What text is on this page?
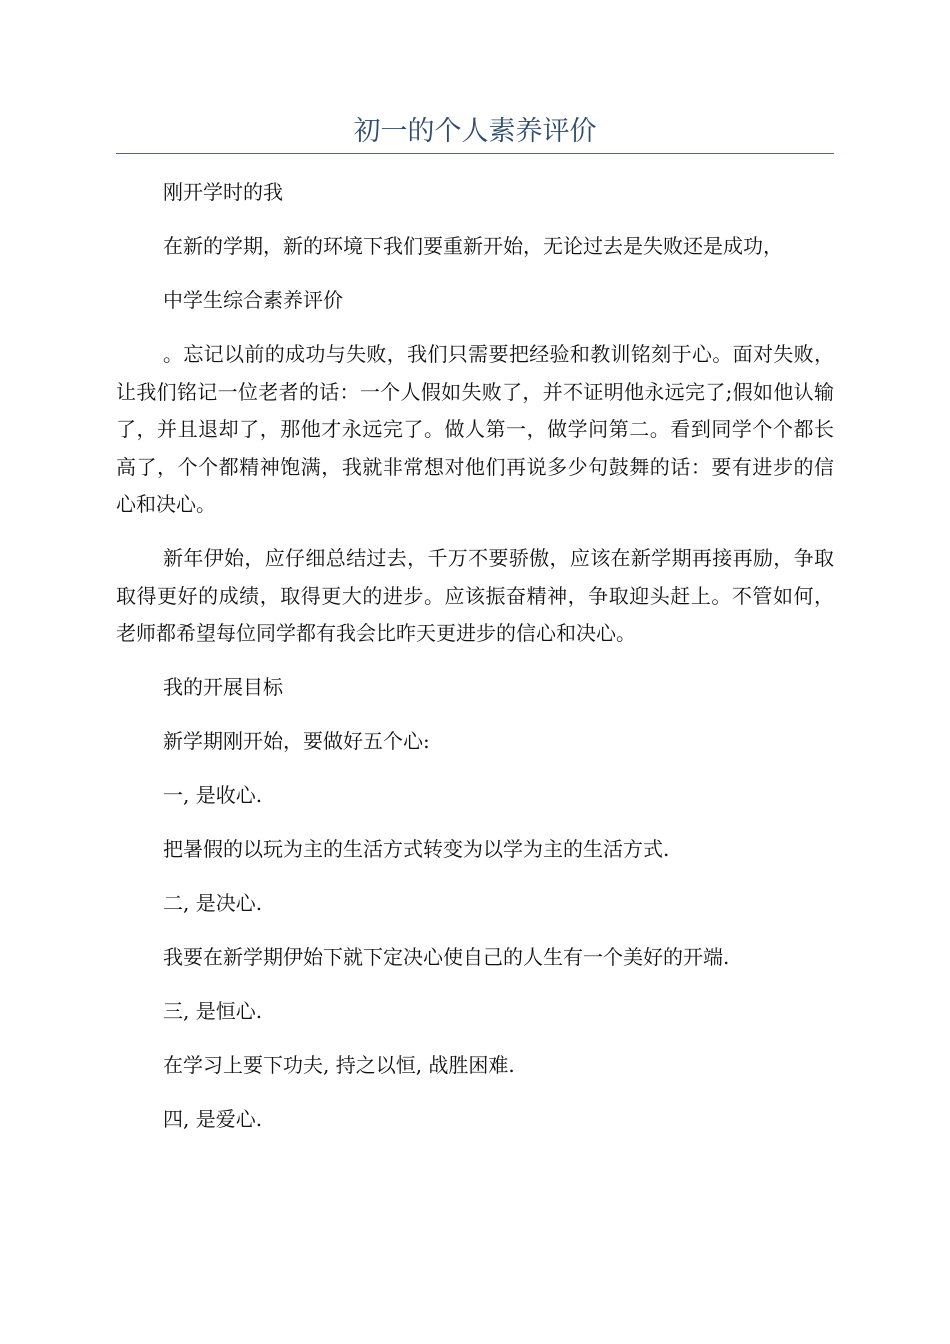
初一的个人素养评价

刚开学时的我

在新的学期，新的环境下我们要重新开始，无论过去是失败还是成功，

中学生综合素养评价

。忘记以前的成功与失败，我们只需要把经验和教训铭刻于心。面对失败，让我们铭记一位老者的话：一个人假如失败了，并不证明他永远完了;假如他认输了，并且退却了，那他才永远完了。做人第一，做学问第二。看到同学个个都长高了，个个都精神饱满，我就非常想对他们再说多少句鼓舞的话：要有进步的信心和决心。

新年伊始，应仔细总结过去，千万不要骄傲，应该在新学期再接再励，争取取得更好的成绩，取得更大的进步。应该振奋精神，争取迎头赶上。不管如何，老师都希望每位同学都有我会比昨天更进步的信心和决心。

我的开展目标

新学期刚开始，要做好五个心:

一, 是收心.

把暑假的以玩为主的生活方式转变为以学为主的生活方式.

二, 是决心.

我要在新学期伊始下就下定决心使自己的人生有一个美好的开端.

三, 是恒心.

在学习上要下功夫, 持之以恒, 战胜困难.

四, 是爱心.
